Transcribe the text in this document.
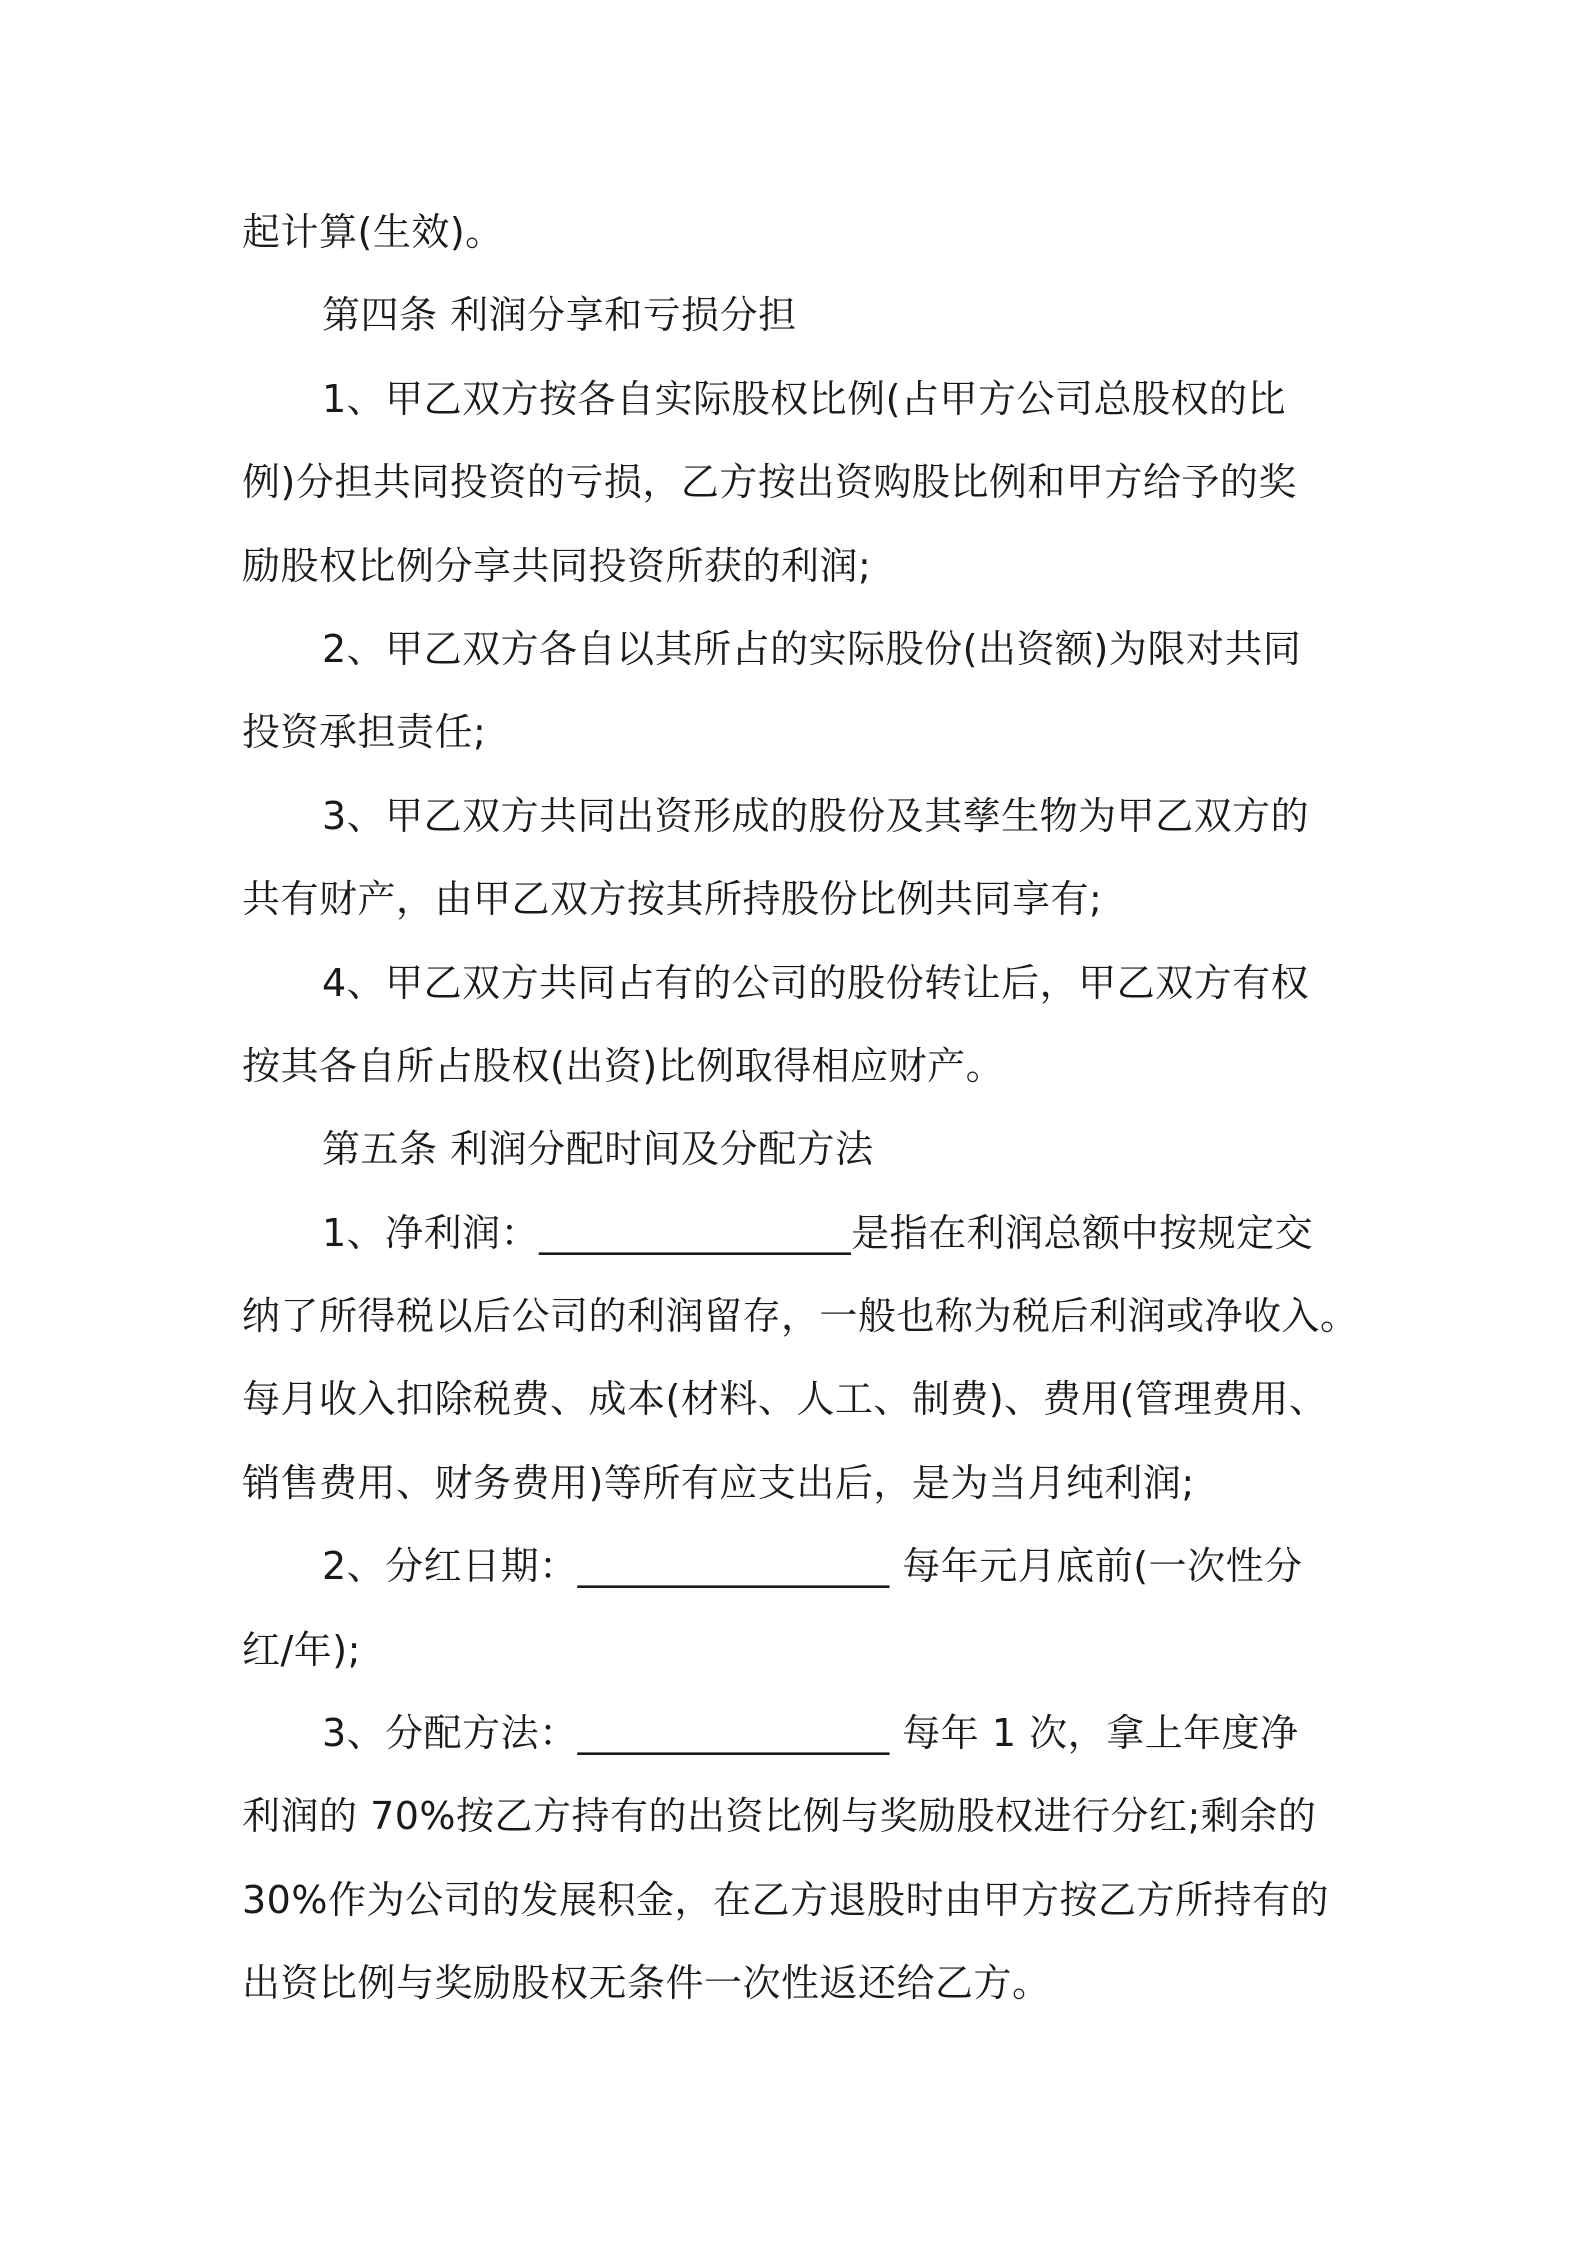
起计算(生效)。
第四条 利润分享和亏损分担
1、甲乙双方按各自实际股权比例(占甲方公司总股权的比
例)分担共同投资的亏损，乙方按出资购股比例和甲方给予的奖
励股权比例分享共同投资所获的利润;
2、甲乙双方各自以其所占的实际股份(出资额)为限对共同
投资承担责任;
3、甲乙双方共同出资形成的股份及其孳生物为甲乙双方的
共有财产，由甲乙双方按其所持股份比例共同享有;
4、甲乙双方共同占有的公司的股份转让后，甲乙双方有权
按其各自所占股权(出资)比例取得相应财产。
第五条 利润分配时间及分配方法
1、净利润：________________是指在利润总额中按规定交
纳了所得税以后公司的利润留存，一般也称为税后利润或净收入。
每月收入扣除税费、成本(材料、人工、制费)、费用(管理费用、
销售费用、财务费用)等所有应支出后，是为当月纯利润;
2、分红日期：________________ 每年元月底前(一次性分
红/年);
3、分配方法：________________ 每年 1 次，拿上年度净
利润的 70%按乙方持有的出资比例与奖励股权进行分红;剩余的
30%作为公司的发展积金，在乙方退股时由甲方按乙方所持有的
出资比例与奖励股权无条件一次性返还给乙方。
